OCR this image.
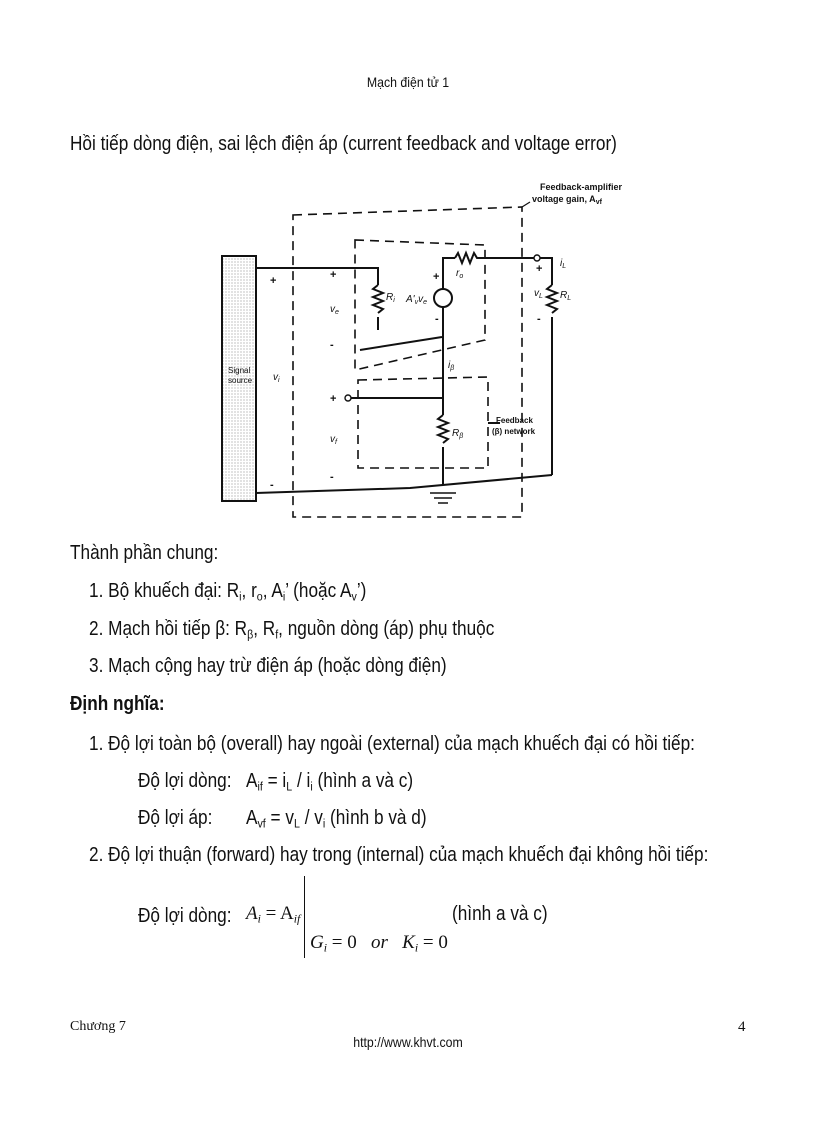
Mạch điện tử 1
Hồi tiếp dòng điện, sai lệch điện áp (current feedback and voltage error)
Feedback-amplifier
voltage gain, $A_{vf}$
Signal
source
Feedback
(β) network
$v_i$
$v_e$
$v_f$
$v_L$
$R_i$
$r_o$
$A'_vv_e$
$R_L$
$i_L$
$i_\beta$
$R_\beta$
+
-
+
-
+
-
+
-
+
-
Thành phần chung:
1. Bộ khuếch đại: $R_i$, $r_o$, $A_i$’ (hoặc $A_v$’)
2. Mạch hồi tiếp β: $R_\beta$, $R_f$, nguồn dòng (áp) phụ thuộc
3. Mạch cộng hay trừ điện áp (hoặc dòng điện)
Định nghĩa:
1. Độ lợi toàn bộ (overall) hay ngoài (external) của mạch khuếch đại có hồi tiếp:
Độ lợi dòng: $A_{if} = i_L / i_i$ (hình a và c)
Độ lợi áp: $A_{vf} = v_L / v_i$ (hình b và d)
2. Độ lợi thuận (forward) hay trong (internal) của mạch khuếch đại không hồi tiếp:
Độ lợi dòng: $A_i = A_{if}$
$G_i = 0$ or $K_i = 0$
(hình a và c)
Chương 7
http://www.khvt.com
4
